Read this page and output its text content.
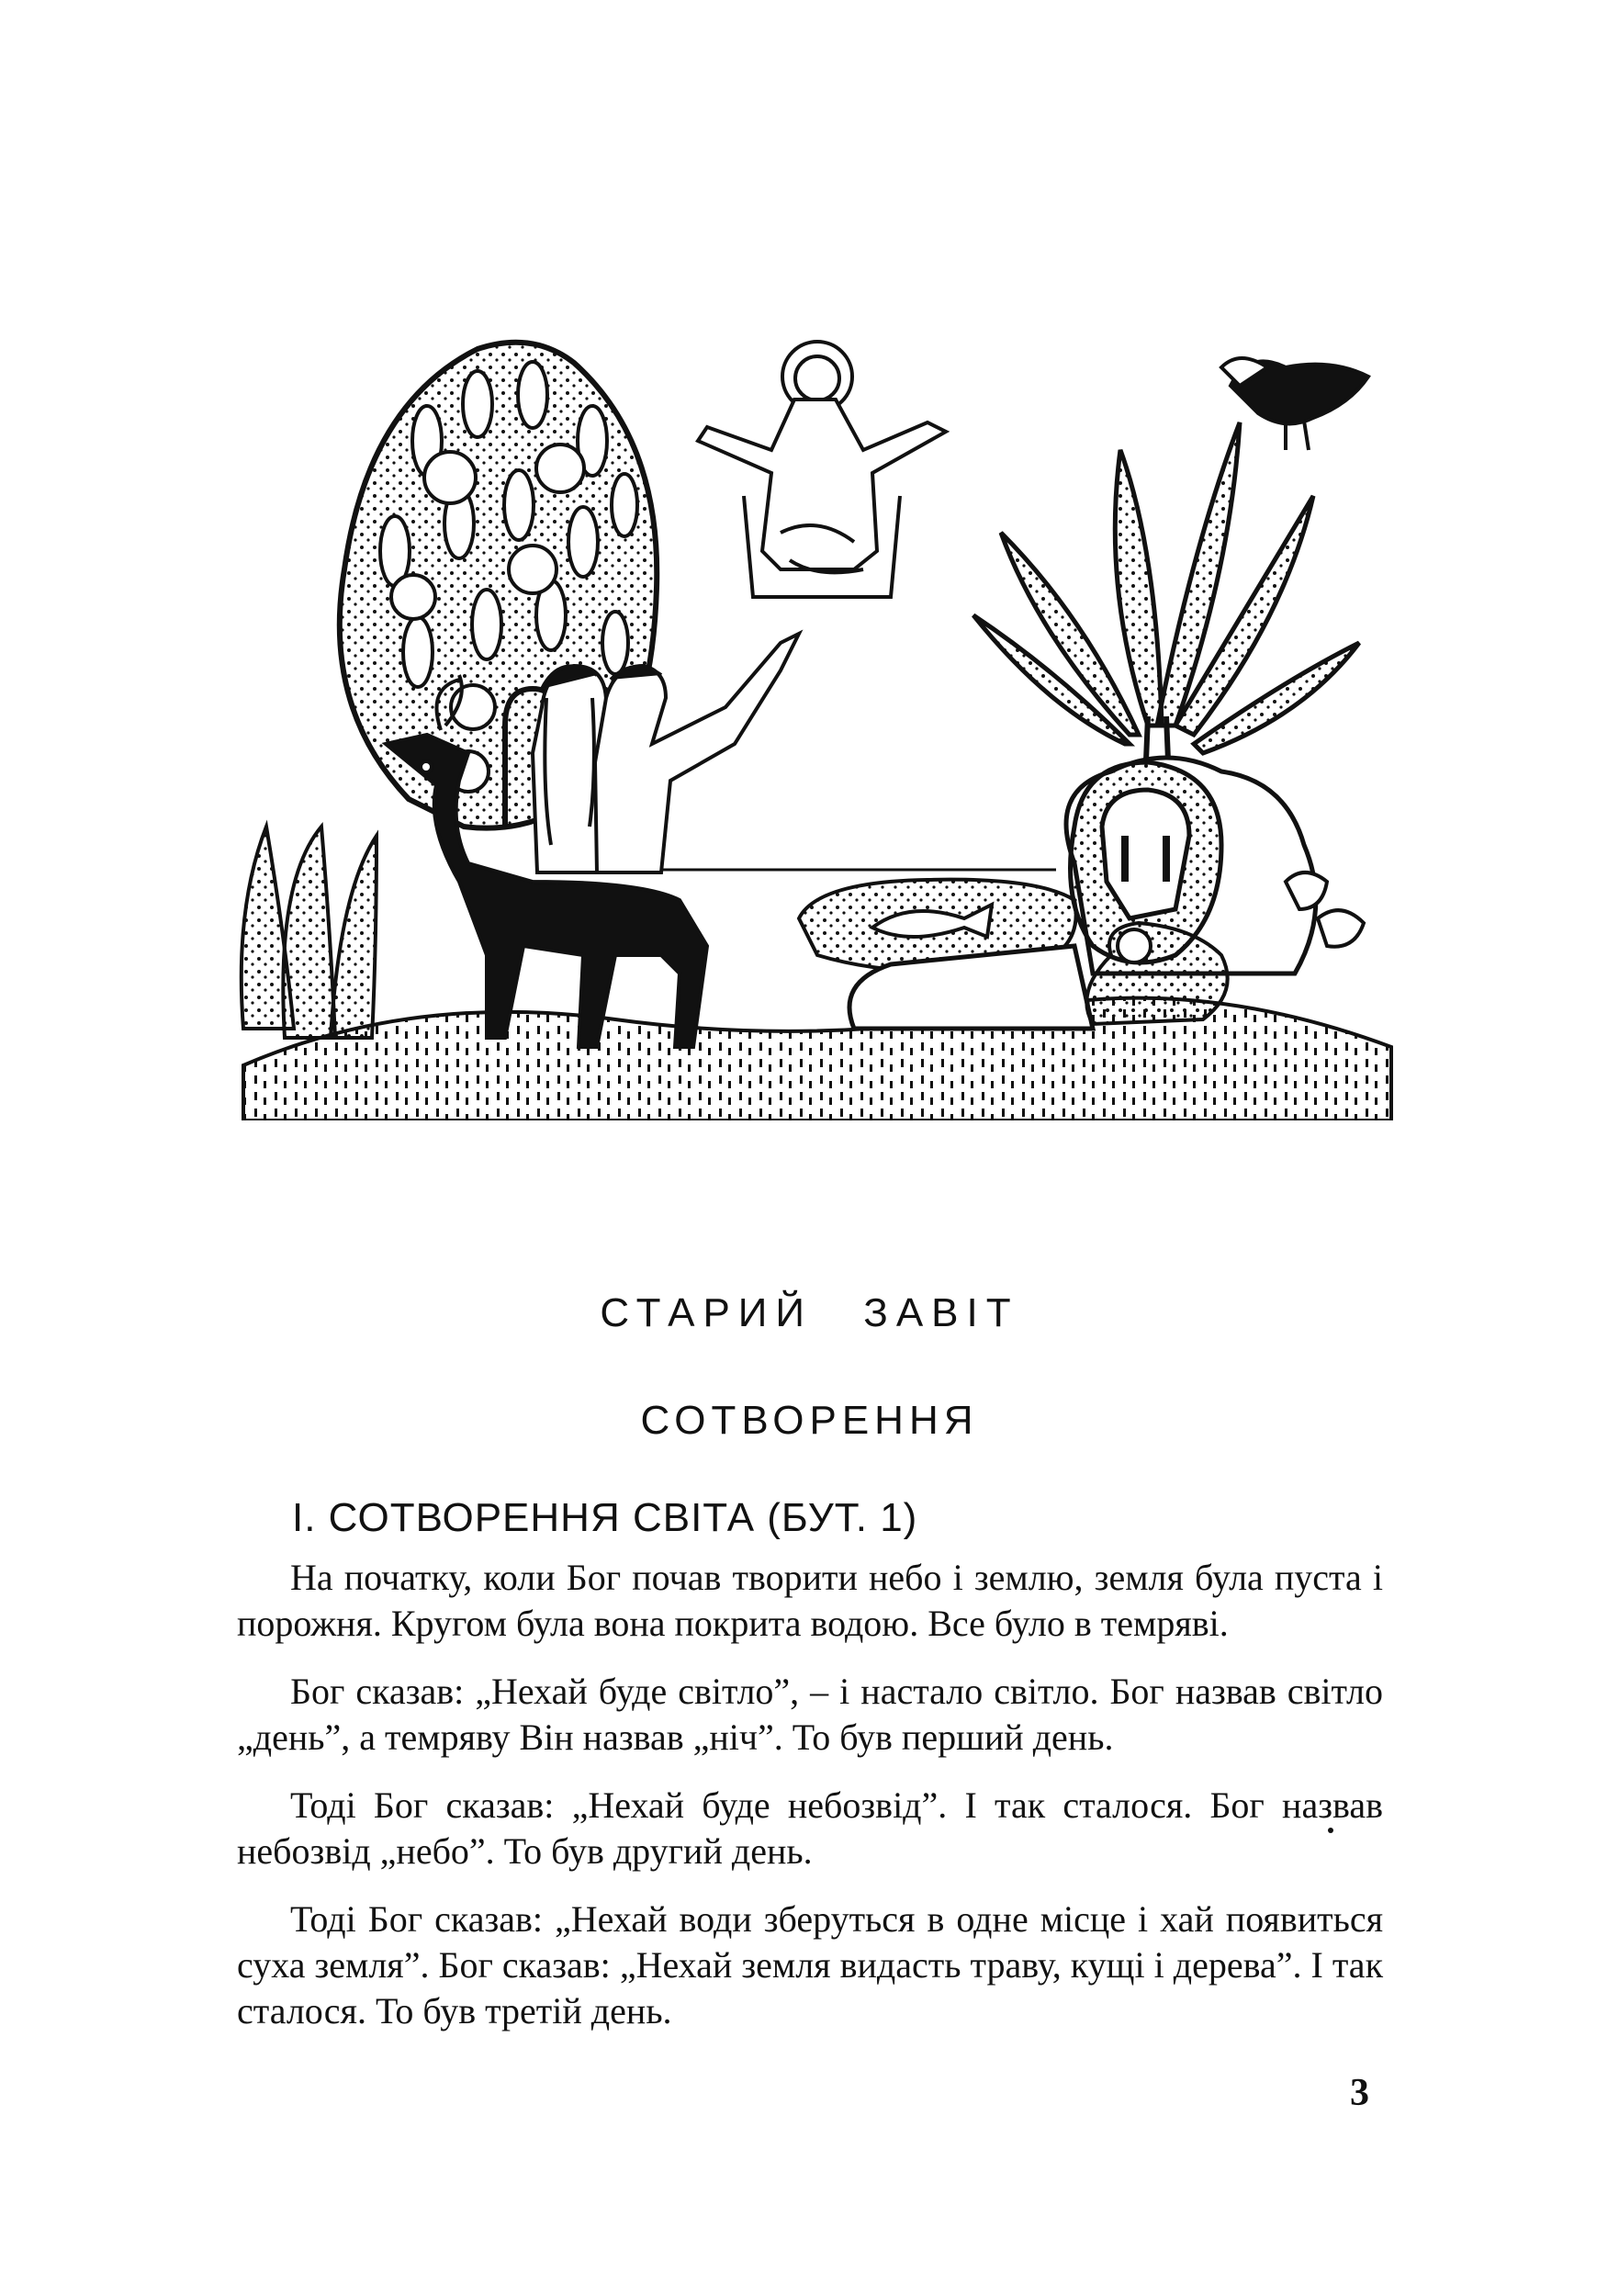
СТАРИЙ ЗАВІТ
СОТВОРЕННЯ
І. СОТВОРЕННЯ СВІТА (БУТ. 1)

На початку, коли Бог почав творити небо і землю, земля була пуста і порожня. Кругом була вона покрита водою. Все було в темряві.

Бог сказав: „Нехай буде світло”, – і настало світло. Бог назвав світло „день”, а темряву Він назвав „ніч”. То був перший день.

Тоді Бог сказав: „Нехай буде небозвід”. І так сталося. Бог назвав небозвід „небо”. То був другий день.

Тоді Бог сказав: „Нехай води зберуться в одне місце і хай появиться суха земля”. Бог сказав: „Нехай земля видасть траву, кущі і дерева”. І так сталося. То був третій день.

3
